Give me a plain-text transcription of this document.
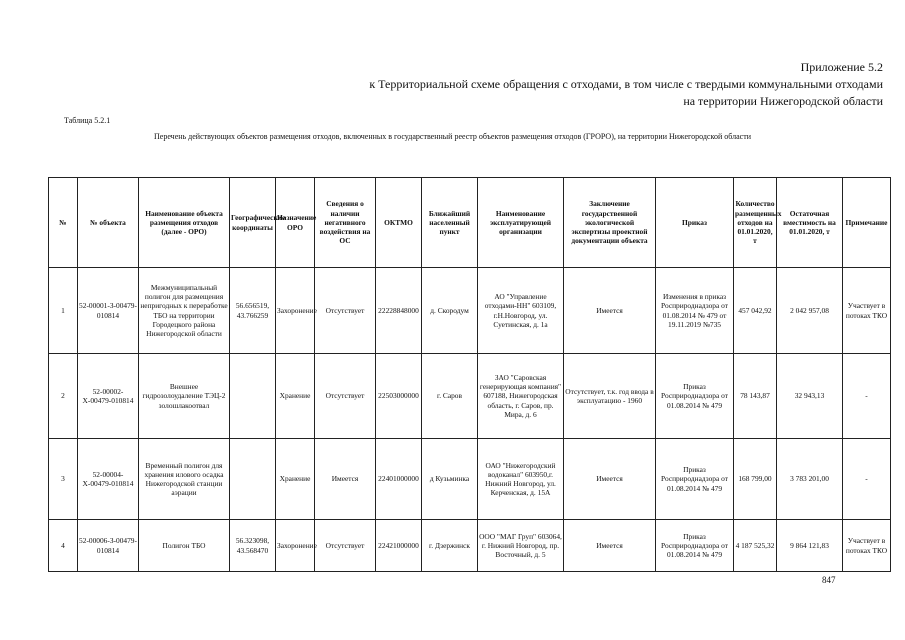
Приложение 5.2
к Территориальной схеме обращения с отходами, в том числе с твердыми коммунальными отходами
на территории Нижегородской области
Таблица 5.2.1
Перечень действующих объектов размещения отходов, включенных в государственный реестр объектов размещения отходов (ГРОРО), на территории Нижегородской области
№	№ объекта	Наименование объекта размещения отходов (далее - ОРО)	Географические координаты	Назначение ОРО	Сведения о наличии негативного воздействия на ОС	ОКТМО	Ближайший населенный пункт	Наименование эксплуатирующей организации	Заключение государственной экологической экспертизы проектной документации объекта	Приказ	Количество размещенных отходов на 01.01.2020, т	Остаточная вместимость на 01.01.2020, т	Примечание
1	52-00001-З-00479-010814	Межмуниципальный полигон для размещения непригодных к переработке ТБО на территории Городецкого района Нижегородской области	56.656519, 43.766259	Захоронение	Отсутствует	22228848000	д. Скородум	АО "Управление отходами-НН" 603109, г.Н.Новгород, ул. Суетинская, д. 1а	Имеется	Изменения в приказ Росприроднадзора от 01.08.2014 № 479 от 19.11.2019 №735	457 042,92	2 042 957,08	Участвует в потоках ТКО
2	52-00002-Х-00479-010814	Внешнее гидрозолоудаление ТЭЦ-2 золошлакоотвал		Хранение	Отсутствует	22503000000	г. Саров	ЗАО "Саровская генерирующая компания" 607188, Нижегородская область, г. Саров, пр. Мира, д. 6	Отсутствует, т.к. год ввода в эксплуатацию - 1960	Приказ Росприроднадзора от 01.08.2014 № 479	78 143,87	32 943,13	-
3	52-00004-Х-00479-010814	Временный полигон для хранения илового осадка Нижегородской станции аэрации		Хранение	Имеется	22401000000	д Кузьминка	ОАО "Нижегородский водоканал" 603950,г. Нижний Новгород, ул. Керченская, д. 15А	Имеется	Приказ Росприроднадзора от 01.08.2014 № 479	168 799,00	3 783 201,00	-
4	52-00006-З-00479-010814	Полигон ТБО	56.323098, 43.568470	Захоронение	Отсутствует	22421000000	г. Дзержинск	ООО "МАГ Груп" 603064, г. Нижний Новгород, пр. Восточный, д. 5	Имеется	Приказ Росприроднадзора от 01.08.2014 № 479	4 187 525,32	9 864 121,83	Участвует в потоках ТКО
847
